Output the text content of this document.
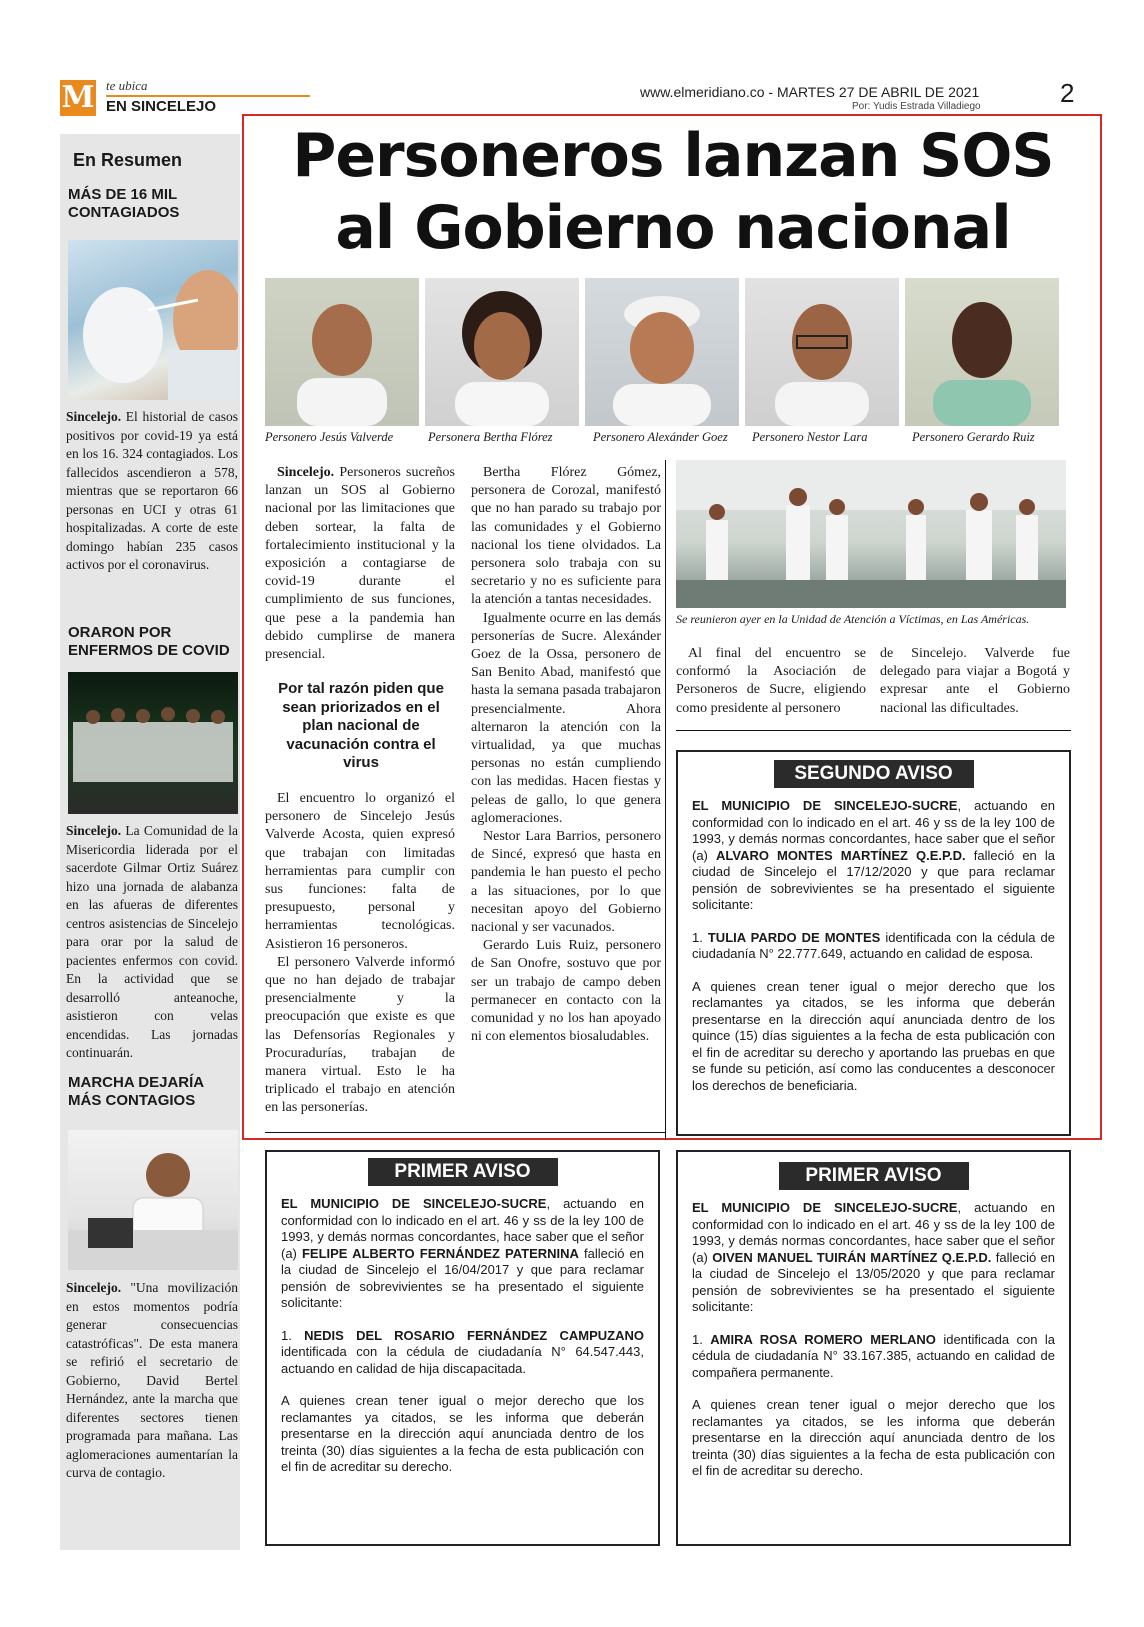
M te ubica
EN SINCELEJO
www.elmeridiano.co - MARTES 27 DE ABRIL DE 2021
Por: Yudis Estrada Villadiego	2
En Resumen
MÁS DE 16 MIL CONTAGIADOS
Sincelejo. El historial de casos positivos por covid-19 ya está en los 16. 324 contagiados. Los fallecidos ascendieron a 578, mientras que se reportaron 66 personas en UCI y otras 61 hospitalizadas. A corte de este domingo habían 235 casos activos por el coronavirus.
ORARON POR ENFERMOS DE COVID
Sincelejo. La Comunidad de la Misericordia liderada por el sacerdote Gilmar Ortiz Suárez hizo una jornada de alabanza en las afueras de diferentes centros asistencias de Sincelejo para orar por la salud de pacientes enfermos con covid. En la actividad que se desarrolló anteanoche, asistieron con velas encendidas. Las jornadas continuarán.
MARCHA DEJARÍA MÁS CONTAGIOS
Sincelejo. "Una movilización en estos momentos podría generar consecuencias catastróficas". De esta manera se refirió el secretario de Gobierno, David Bertel Hernández, ante la marcha que diferentes sectores tienen programada para mañana. Las aglomeraciones aumentarían la curva de contagio.
Personeros lanzan SOS al Gobierno nacional
Personero Jesús Valverde	Personera Bertha Flórez	Personero Alexánder Goez	Personero Nestor Lara	Personero Gerardo Ruiz

Sincelejo. Personeros sucreños lanzan un SOS al Gobierno nacional por las limitaciones que deben sortear, la falta de fortalecimiento institucional y la exposición a contagiarse de covid-19 durante el cumplimiento de sus funciones, que pese a la pandemia han debido cumplirse de manera presencial.

Por tal razón piden que sean priorizados en el plan nacional de vacunación contra el virus

El encuentro lo organizó el personero de Sincelejo Jesús Valverde Acosta, quien expresó que trabajan con limitadas herramientas para cumplir con sus funciones: falta de presupuesto, personal y herramientas tecnológicas. Asistieron 16 personeros.

El personero Valverde informó que no han dejado de trabajar presencialmente y la preocupación que existe es que las Defensorías Regionales y Procuradurías, trabajan de manera virtual. Esto le ha triplicado el trabajo en atención en las personerías.

Bertha Flórez Gómez, personera de Corozal, manifestó que no han parado su trabajo por las comunidades y el Gobierno nacional los tiene olvidados. La personera solo trabaja con su secretario y no es suficiente para la atención a tantas necesidades.

Igualmente ocurre en las demás personerías de Sucre. Alexánder Goez de la Ossa, personero de San Benito Abad, manifestó que hasta la semana pasada trabajaron presencialmente. Ahora alternaron la atención con la virtualidad, ya que muchas personas no están cumpliendo con las medidas. Hacen fiestas y peleas de gallo, lo que genera aglomeraciones.

Nestor Lara Barrios, personero de Sincé, expresó que hasta en pandemia le han puesto el pecho a las situaciones, por lo que necesitan apoyo del Gobierno nacional y ser vacunados.

Gerardo Luis Ruiz, personero de San Onofre, sostuvo que por ser un trabajo de campo deben permanecer en contacto con la comunidad y no los han apoyado ni con elementos biosaludables.

Se reunieron ayer en la Unidad de Atención a Víctimas, en Las Américas.

Al final del encuentro se conformó la Asociación de Personeros de Sucre, eligiendo como presidente al personero

de Sincelejo. Valverde fue delegado para viajar a Bogotá y expresar ante el Gobierno nacional las dificultades.

SEGUNDO AVISO

EL MUNICIPIO DE SINCELEJO-SUCRE, actuando en conformidad con lo indicado en el art. 46 y ss de la ley 100 de 1993, y demás normas concordantes, hace saber que el señor (a) ALVARO MONTES MARTÍNEZ Q.E.P.D. falleció en la ciudad de Sincelejo el 17/12/2020 y que para reclamar pensión de sobrevivientes se ha presentado el siguiente solicitante:

1. TULIA PARDO DE MONTES identificada con la cédula de ciudadanía N° 22.777.649, actuando en calidad de esposa.

A quienes crean tener igual o mejor derecho que los reclamantes ya citados, se les informa que deberán presentarse en la dirección aquí anunciada dentro de los quince (15) días siguientes a la fecha de esta publicación con el fin de acreditar su derecho y aportando las pruebas en que se funde su petición, así como las conducentes a desconocer los derechos de beneficiaria.

PRIMER AVISO

EL MUNICIPIO DE SINCELEJO-SUCRE, actuando en conformidad con lo indicado en el art. 46 y ss de la ley 100 de 1993, y demás normas concordantes, hace saber que el señor (a) FELIPE ALBERTO FERNÁNDEZ PATERNINA falleció en la ciudad de Sincelejo el 16/04/2017 y que para reclamar pensión de sobrevivientes se ha presentado el siguiente solicitante:

1. NEDIS DEL ROSARIO FERNÁNDEZ CAMPUZANO identificada con la cédula de ciudadanía N° 64.547.443, actuando en calidad de hija discapacitada.

A quienes crean tener igual o mejor derecho que los reclamantes ya citados, se les informa que deberán presentarse en la dirección aquí anunciada dentro de los treinta (30) días siguientes a la fecha de esta publicación con el fin de acreditar su derecho.

PRIMER AVISO

EL MUNICIPIO DE SINCELEJO-SUCRE, actuando en conformidad con lo indicado en el art. 46 y ss de la ley 100 de 1993, y demás normas concordantes, hace saber que el señor (a) OIVEN MANUEL TUIRÁN MARTÍNEZ Q.E.P.D. falleció en la ciudad de Sincelejo el 13/05/2020 y que para reclamar pensión de sobrevivientes se ha presentado el siguiente solicitante:

1. AMIRA ROSA ROMERO MERLANO identificada con la cédula de ciudadanía N° 33.167.385, actuando en calidad de compañera permanente.

A quienes crean tener igual o mejor derecho que los reclamantes ya citados, se les informa que deberán presentarse en la dirección aquí anunciada dentro de los treinta (30) días siguientes a la fecha de esta publicación con el fin de acreditar su derecho.
